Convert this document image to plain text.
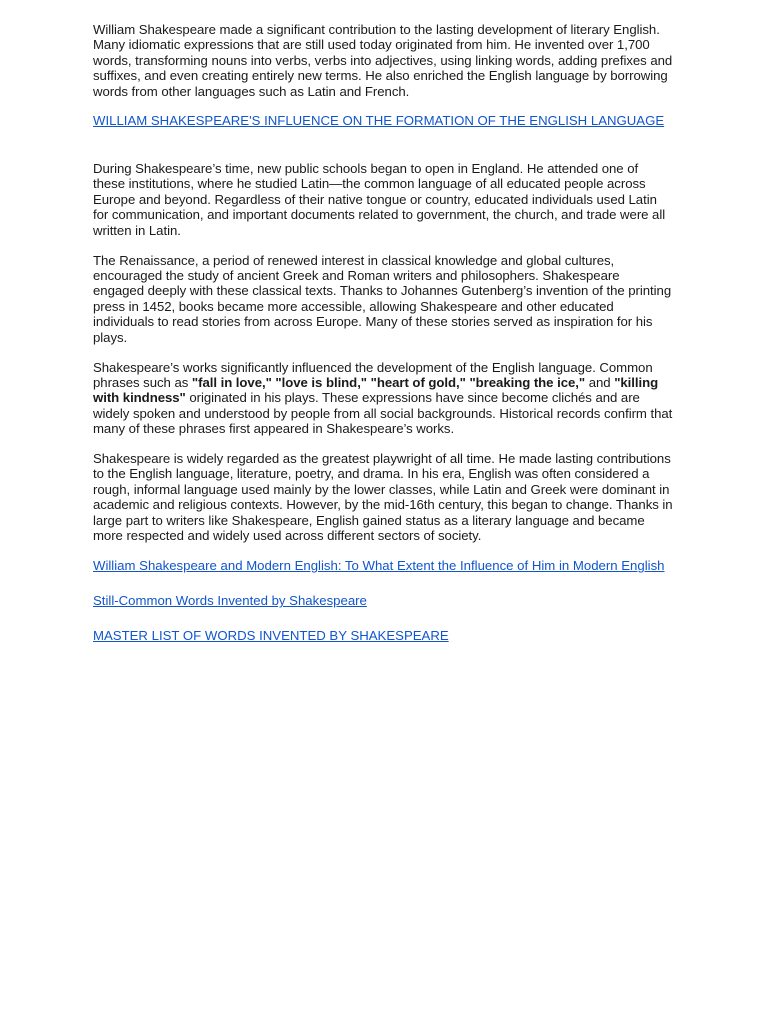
William Shakespeare made a significant contribution to the lasting development of literary English. Many idiomatic expressions that are still used today originated from him. He invented over 1,700 words, transforming nouns into verbs, verbs into adjectives, using linking words, adding prefixes and suffixes, and even creating entirely new terms. He also enriched the English language by borrowing words from other languages such as Latin and French.

WILLIAM SHAKESPEARE'S INFLUENCE ON THE FORMATION OF THE ENGLISH LANGUAGE

During Shakespeare’s time, new public schools began to open in England. He attended one of these institutions, where he studied Latin—the common language of all educated people across Europe and beyond. Regardless of their native tongue or country, educated individuals used Latin for communication, and important documents related to government, the church, and trade were all written in Latin.

The Renaissance, a period of renewed interest in classical knowledge and global cultures, encouraged the study of ancient Greek and Roman writers and philosophers. Shakespeare engaged deeply with these classical texts. Thanks to Johannes Gutenberg’s invention of the printing press in 1452, books became more accessible, allowing Shakespeare and other educated individuals to read stories from across Europe. Many of these stories served as inspiration for his plays.

Shakespeare’s works significantly influenced the development of the English language. Common phrases such as "fall in love," "love is blind," "heart of gold," "breaking the ice," and "killing with kindness" originated in his plays. These expressions have since become clichés and are widely spoken and understood by people from all social backgrounds. Historical records confirm that many of these phrases first appeared in Shakespeare’s works.

Shakespeare is widely regarded as the greatest playwright of all time. He made lasting contributions to the English language, literature, poetry, and drama. In his era, English was often considered a rough, informal language used mainly by the lower classes, while Latin and Greek were dominant in academic and religious contexts. However, by the mid-16th century, this began to change. Thanks in large part to writers like Shakespeare, English gained status as a literary language and became more respected and widely used across different sectors of society.

William Shakespeare and Modern English: To What Extent the Influence of Him in Modern English
Still-Common Words Invented by Shakespeare
MASTER LIST OF WORDS INVENTED BY SHAKESPEARE
